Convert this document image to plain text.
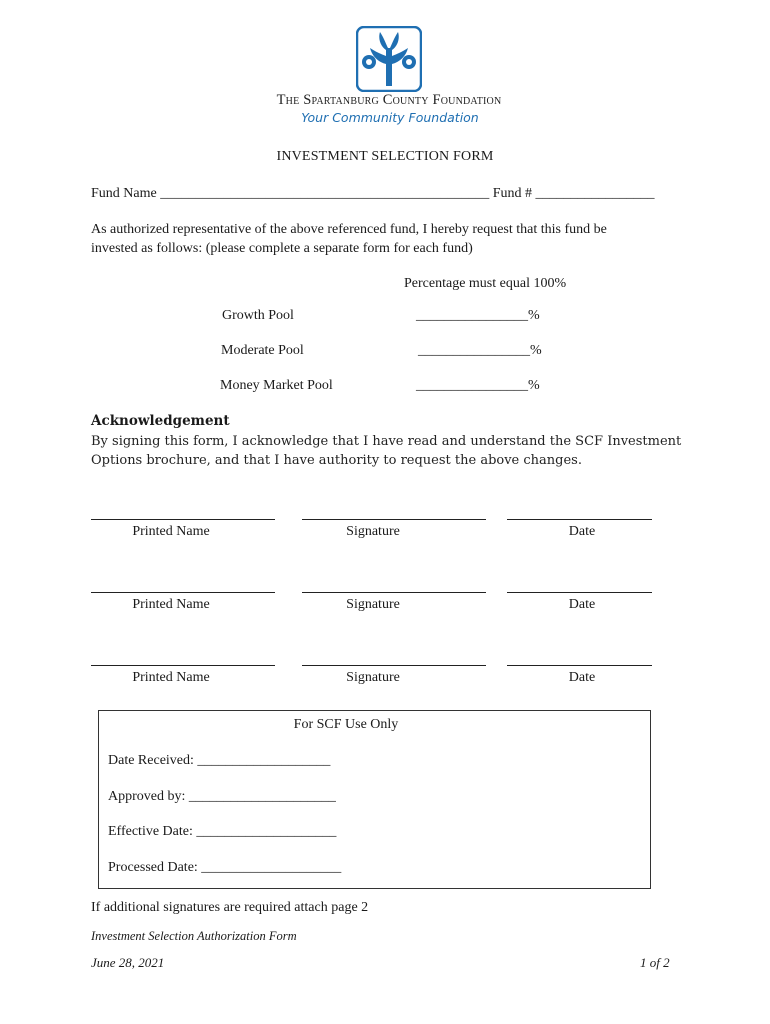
The Spartanburg County Foundation
Your Community Foundation
INVESTMENT SELECTION FORM
Fund Name _______________________________________________ Fund # _________________
As authorized representative of the above referenced fund, I hereby request that this fund be
invested as follows: (please complete a separate form for each fund)
Percentage must equal 100%
Growth Pool	________________%
Moderate Pool	________________%
Money Market Pool	________________%
Acknowledgement
By signing this form, I acknowledge that I have read and understand the SCF Investment
Options brochure, and that I have authority to request the above changes.
Printed Name	Signature	Date
Printed Name	Signature	Date
Printed Name	Signature	Date
For SCF Use Only
Date Received: ___________________
Approved by: _____________________
Effective Date: ____________________
Processed Date: ____________________
If additional signatures are required attach page 2
Investment Selection Authorization Form
June 28, 2021	1 of 2
